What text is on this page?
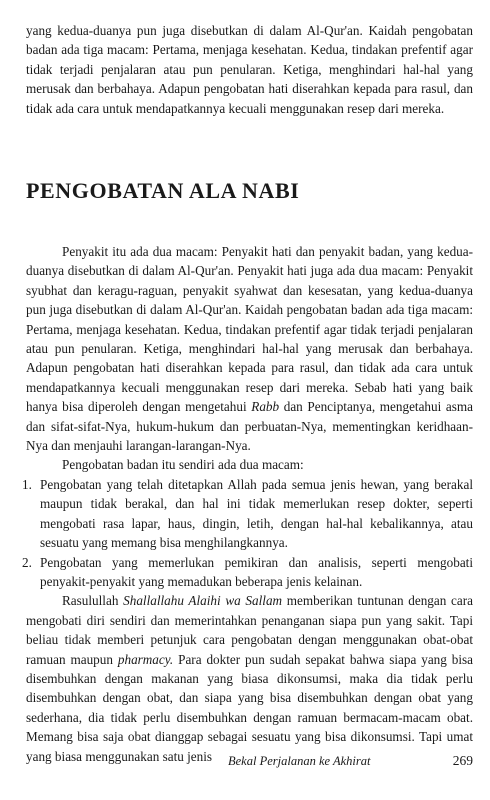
yang kedua-duanya pun juga disebutkan di dalam Al-Qur'an. Kaidah pengobatan badan ada tiga macam: Pertama, menjaga kesehatan. Kedua, tindakan prefentif agar tidak terjadi penjalaran atau pun penularan. Ketiga, menghindari hal-hal yang merusak dan berbahaya. Adapun pengobatan hati diserahkan kepada para rasul, dan tidak ada cara untuk mendapatkannya kecuali menggunakan resep dari mereka.

PENGOBATAN ALA NABI

Penyakit itu ada dua macam: Penyakit hati dan penyakit badan, yang kedua-duanya disebutkan di dalam Al-Qur'an. Penyakit hati juga ada dua macam: Penyakit syubhat dan keragu-raguan, penyakit syahwat dan kesesatan, yang kedua-duanya pun juga disebutkan di dalam Al-Qur'an. Kaidah pengobatan badan ada tiga macam: Pertama, menjaga kesehatan. Kedua, tindakan prefentif agar tidak terjadi penjalaran atau pun penularan. Ketiga, menghindari hal-hal yang merusak dan berbahaya. Adapun pengobatan hati diserahkan kepada para rasul, dan tidak ada cara untuk mendapatkannya kecuali menggunakan resep dari mereka. Sebab hati yang baik hanya bisa diperoleh dengan mengetahui Rabb dan Penciptanya, mengetahui asma dan sifat-sifat-Nya, hukum-hukum dan perbuatan-Nya, mementingkan keridhaan-Nya dan menjauhi larangan-larangan-Nya.

Pengobatan badan itu sendiri ada dua macam:

1. Pengobatan yang telah ditetapkan Allah pada semua jenis hewan, yang berakal maupun tidak berakal, dan hal ini tidak memerlukan resep dokter, seperti mengobati rasa lapar, haus, dingin, letih, dengan hal-hal kebalikannya, atau sesuatu yang memang bisa menghilangkannya.
2. Pengobatan yang memerlukan pemikiran dan analisis, seperti mengobati penyakit-penyakit yang memadukan beberapa jenis kelainan.

Rasulullah Shallallahu Alaihi wa Sallam memberikan tuntunan dengan cara mengobati diri sendiri dan memerintahkan penanganan siapa pun yang sakit. Tapi beliau tidak memberi petunjuk cara pengobatan dengan menggunakan obat-obat ramuan maupun pharmacy. Para dokter pun sudah sepakat bahwa siapa yang bisa disembuhkan dengan makanan yang biasa dikonsumsi, maka dia tidak perlu disembuhkan dengan obat, dan siapa yang bisa disembuhkan dengan obat yang sederhana, dia tidak perlu disembuhkan dengan ramuan bermacam-macam obat. Memang bisa saja obat dianggap sebagai sesuatu yang bisa dikonsumsi. Tapi umat yang biasa menggunakan satu jenis	Bekal Perjalanan ke Akhirat	269
